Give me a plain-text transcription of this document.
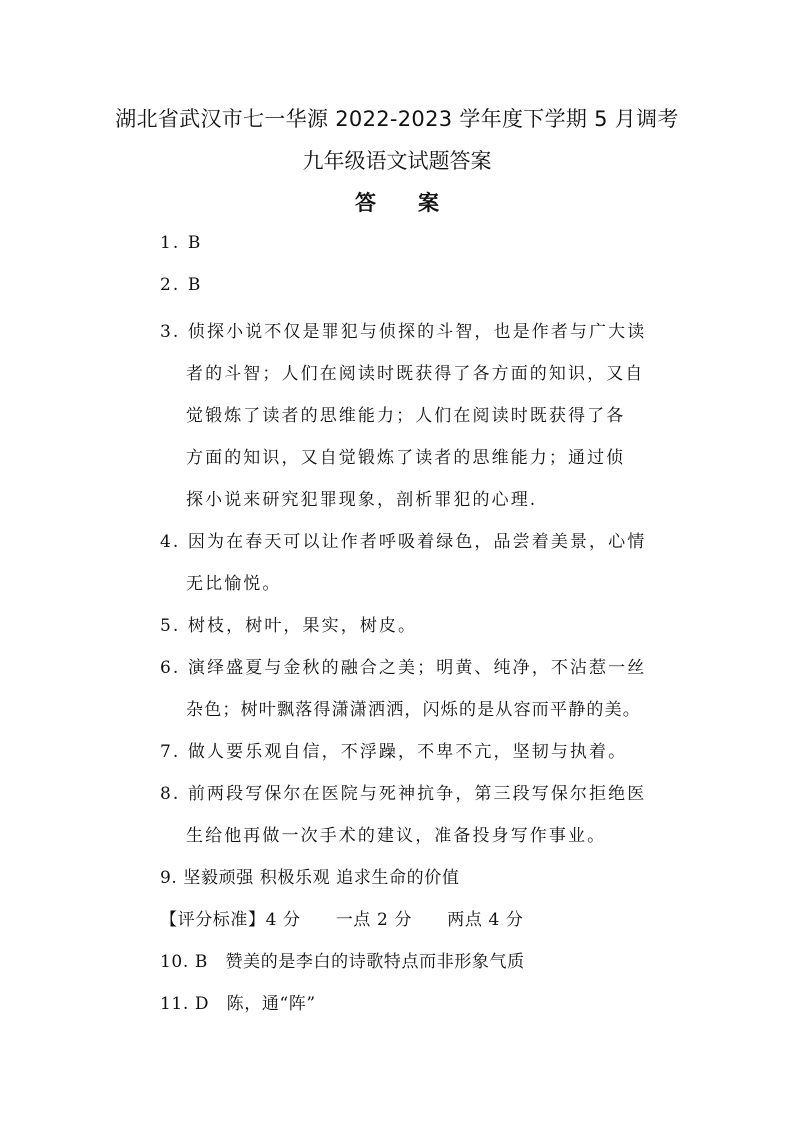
湖北省武汉市七一华源 2022-2023 学年度下学期 5 月调考
九年级语文试题答案
答　　案
1. B
2. B
3. 侦探小说不仅是罪犯与侦探的斗智，也是作者与广大读
者的斗智；人们在阅读时既获得了各方面的知识，又自
觉锻炼了读者的思维能力；人们在阅读时既获得了各
方面的知识，又自觉锻炼了读者的思维能力；通过侦
探小说来研究犯罪现象，剖析罪犯的心理.
4. 因为在春天可以让作者呼吸着绿色，品尝着美景，心情
无比愉悦。
5. 树枝，树叶，果实，树皮。
6. 演绎盛夏与金秋的融合之美；明黄、纯净，不沾惹一丝
杂色；树叶飘落得潇潇洒洒，闪烁的是从容而平静的美。
7. 做人要乐观自信，不浮躁，不卑不亢，坚韧与执着。
8. 前两段写保尔在医院与死神抗争，第三段写保尔拒绝医
生给他再做一次手术的建议，准备投身写作事业。
9. 坚毅顽强 积极乐观 追求生命的价值
【评分标准】4 分　　一点 2 分　　两点 4 分
10. B　赞美的是李白的诗歌特点而非形象气质
11. D　陈，通“阵”
